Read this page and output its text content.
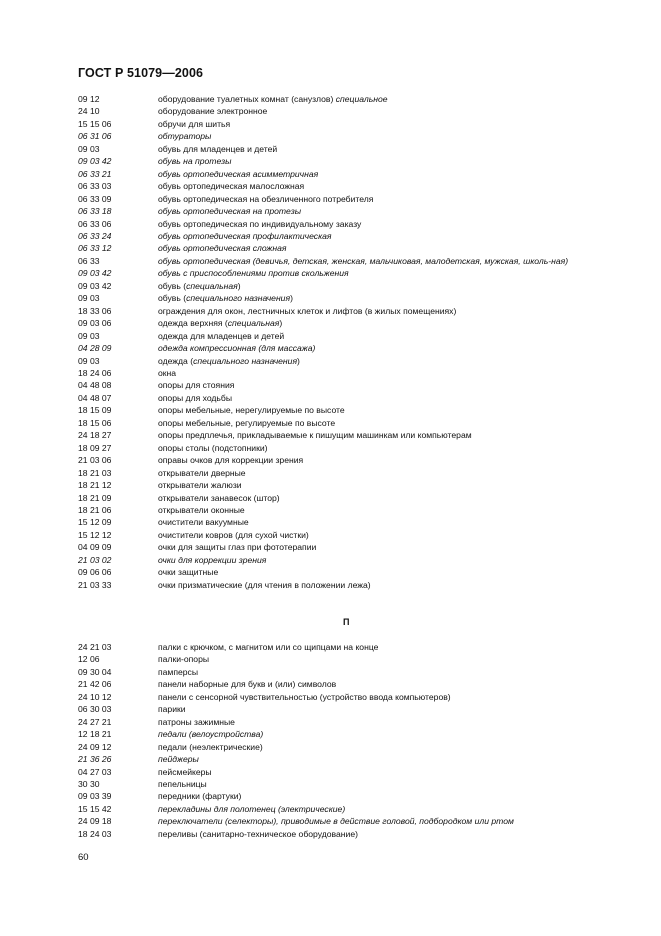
ГОСТ Р 51079—2006
09 12	оборудование туалетных комнат (санузлов) специальное
24 10	оборудование электронное
15 15 06	обручи для шитья
06 31 06	обтураторы
09 03	обувь для младенцев и детей
09 03 42	обувь на протезы
06 33 21	обувь ортопедическая асимметричная
06 33 03	обувь ортопедическая малосложная
06 33 09	обувь ортопедическая на обезличенного потребителя
06 33 18	обувь ортопедическая на протезы
06 33 06	обувь ортопедическая по индивидуальному заказу
06 33 24	обувь ортопедическая профилактическая
06 33 12	обувь ортопедическая сложная
06 33	обувь ортопедическая (девичья, детская, женская, мальчиковая, малодетская, мужская, школь-ная)
09 03 42	обувь с приспособлениями против скольжения
09 03 42	обувь (специальная)
09 03	обувь (специального назначения)
18 33 06	ограждения для окон, лестничных клеток и лифтов (в жилых помещениях)
09 03 06	одежда верхняя (специальная)
09 03	одежда для младенцев и детей
04 28 09	одежда компрессионная (для массажа)
09 03	одежда (специального назначения)
18 24 06	окна
04 48 08	опоры для стояния
04 48 07	опоры для ходьбы
18 15 09	опоры мебельные, нерегулируемые по высоте
18 15 06	опоры мебельные, регулируемые по высоте
24 18 27	опоры предплечья, прикладываемые к пишущим машинкам или компьютерам
18 09 27	опоры столы (подстопники)
21 03 06	оправы очков для коррекции зрения
18 21 03	открыватели дверные
18 21 12	открыватели жалюзи
18 21 09	открыватели занавесок (штор)
18 21 06	открыватели оконные
15 12 09	очистители вакуумные
15 12 12	очистители ковров (для сухой чистки)
04 09 09	очки для защиты глаз при фототерапии
21 03 02	очки для коррекции зрения
09 06 06	очки защитные
21 03 33	очки призматические (для чтения в положении лежа)
П
24 21 03	палки с крючком, с магнитом или со щипцами на конце
12 06	палки-опоры
09 30 04	памперсы
21 42 06	панели наборные для букв и (или) символов
24 10 12	панели с сенсорной чувствительностью (устройство ввода компьютеров)
06 30 03	парики
24 27 21	патроны зажимные
12 18 21	педали (велоустройства)
24 09 12	педали (неэлектрические)
21 36 26	пейджеры
04 27 03	пейсмейкеры
30 30	пепельницы
09 03 39	передники (фартуки)
15 15 42	перекладины для полотенец (электрические)
24 09 18	переключатели (селекторы), приводимые в действие головой, подбородком или ртом
18 24 03	переливы (санитарно-техническое оборудование)
60
